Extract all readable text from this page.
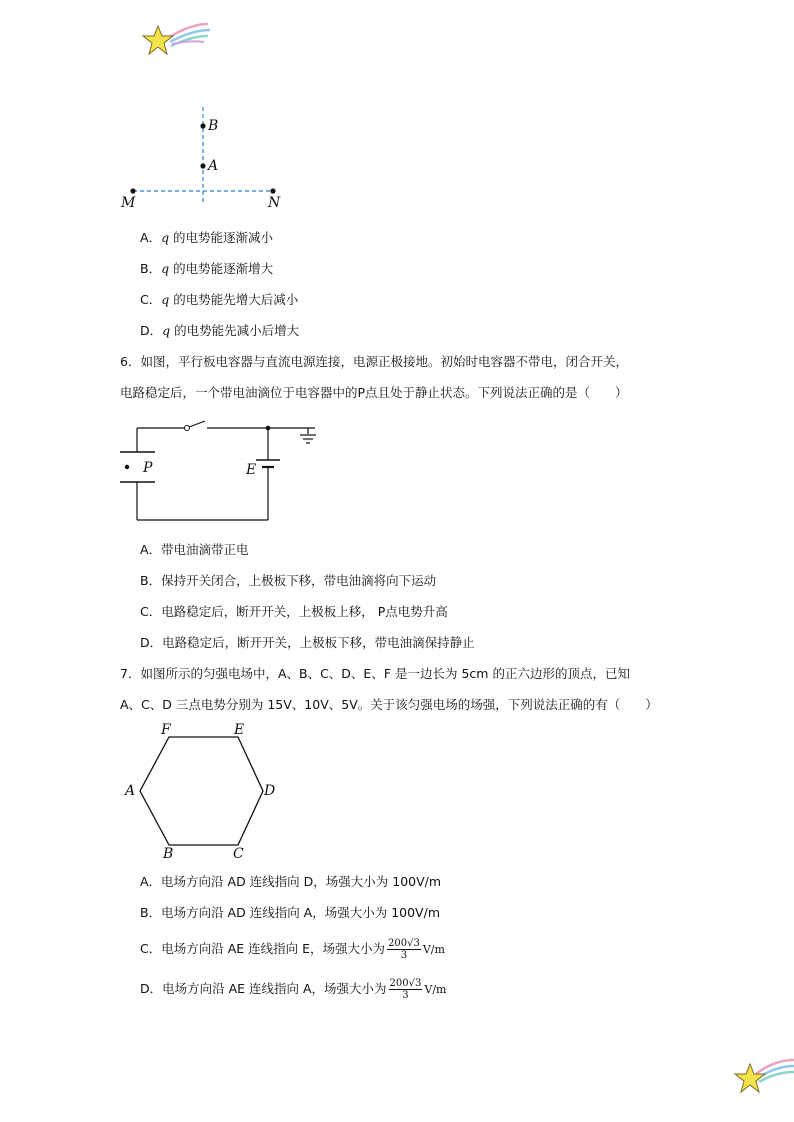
B
A
M	N
A．q 的电势能逐渐减小
B．q 的电势能逐渐增大
C．q 的电势能先增大后减小
D．q 的电势能先减小后增大
6．如图，平行板电容器与直流电源连接，电源正极接地。初始时电容器不带电，闭合开关，
电路稳定后，一个带电油滴位于电容器中的P点且处于静止状态。下列说法正确的是（　　）
P	E
A．带电油滴带正电
B．保持开关闭合，上极板下移，带电油滴将向下运动
C．电路稳定后，断开开关，上极板上移， P点电势升高
D．电路稳定后，断开开关，上极板下移，带电油滴保持静止
7．如图所示的匀强电场中，A、B、C、D、E、F 是一边长为 5cm 的正六边形的顶点，已知
A、C、D 三点电势分别为 15V、10V、5V。关于该匀强电场的场强，下列说法正确的有（　　）
F	E
A	D
B	C
A．电场方向沿 AD 连线指向 D，场强大小为 100V/m
B．电场方向沿 AD 连线指向 A，场强大小为 100V/m
C．电场方向沿 AE 连线指向 E，场强大小为 $\frac{200√3}{3} V/m$
D．电场方向沿 AE 连线指向 A，场强大小为 $\frac{200√3}{3} V/m$
